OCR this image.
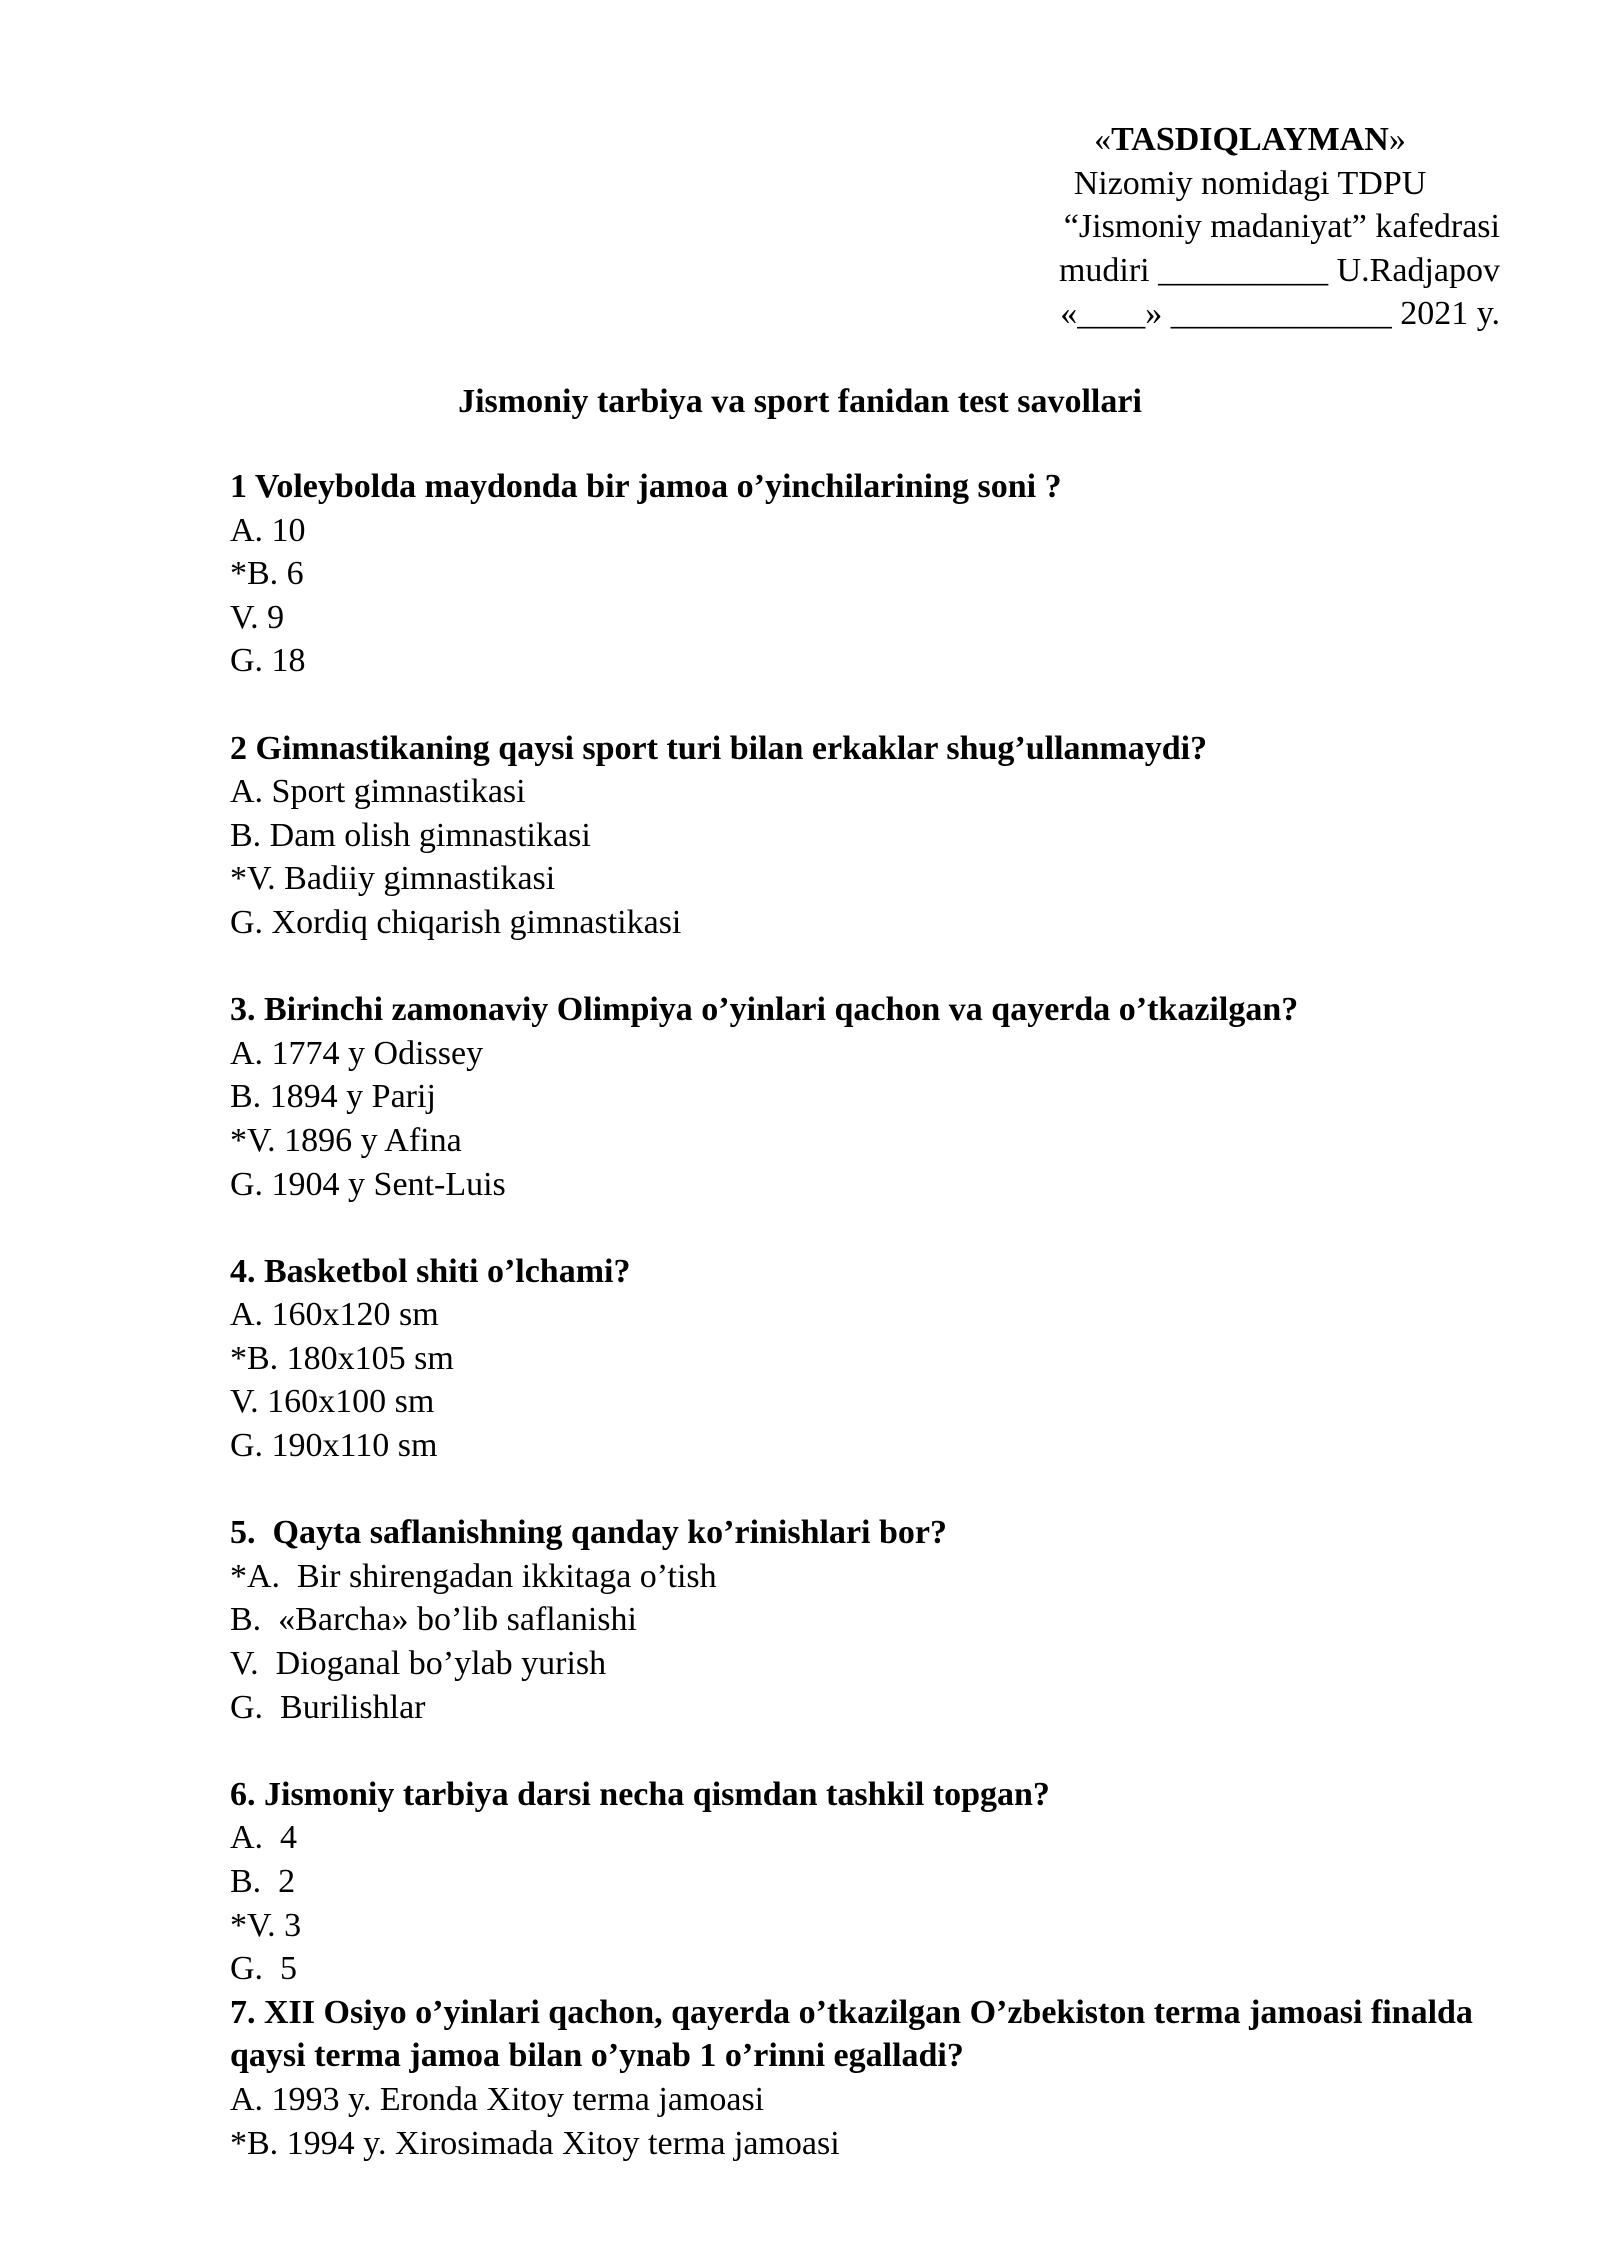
«TASDIQLAYMAN»
Nizomiy nomidagi TDPU
“Jismoniy madaniyat” kafedrasi
mudiri __________ U.Radjapov
«____» _____________ 2021 y.
Jismoniy tarbiya va sport fanidan test savollari
1 Voleybolda maydonda bir jamoa o’yinchilarining soni ?
A. 10
*B. 6
V. 9
G. 18
2 Gimnastikaning qaysi sport turi bilan erkaklar shug’ullanmaydi?
A. Sport gimnastikasi
B. Dam olish gimnastikasi
*V. Badiiy gimnastikasi
G. Xordiq chiqarish gimnastikasi
3. Birinchi zamonaviy Olimpiya o’yinlari qachon va qayerda o’tkazilgan?
A. 1774 y Odissey
B. 1894 y Parij
*V. 1896 y Afina
G. 1904 y Sent-Luis
4. Basketbol shiti o’lchami?
A. 160x120 sm
*B. 180x105 sm
V. 160x100 sm
G. 190x110 sm
5.  Qayta saflanishning qanday ko’rinishlari bor?
*A.  Bir shirengadan ikkitaga o’tish
B.  «Barcha» bo’lib saflanishi
V.  Dioganal bo’ylab yurish
G.  Burilishlar
6. Jismoniy tarbiya darsi necha qismdan tashkil topgan?
A.  4
B.  2
*V. 3
G.  5
7. XII Osiyo o’yinlari qachon, qayerda o’tkazilgan O’zbekiston terma jamoasi finalda qaysi terma jamoa bilan o’ynab 1 o’rinni egalladi?
A. 1993 y. Eronda Xitoy terma jamoasi
*B. 1994 y. Xirosimada Xitoy terma jamoasi
